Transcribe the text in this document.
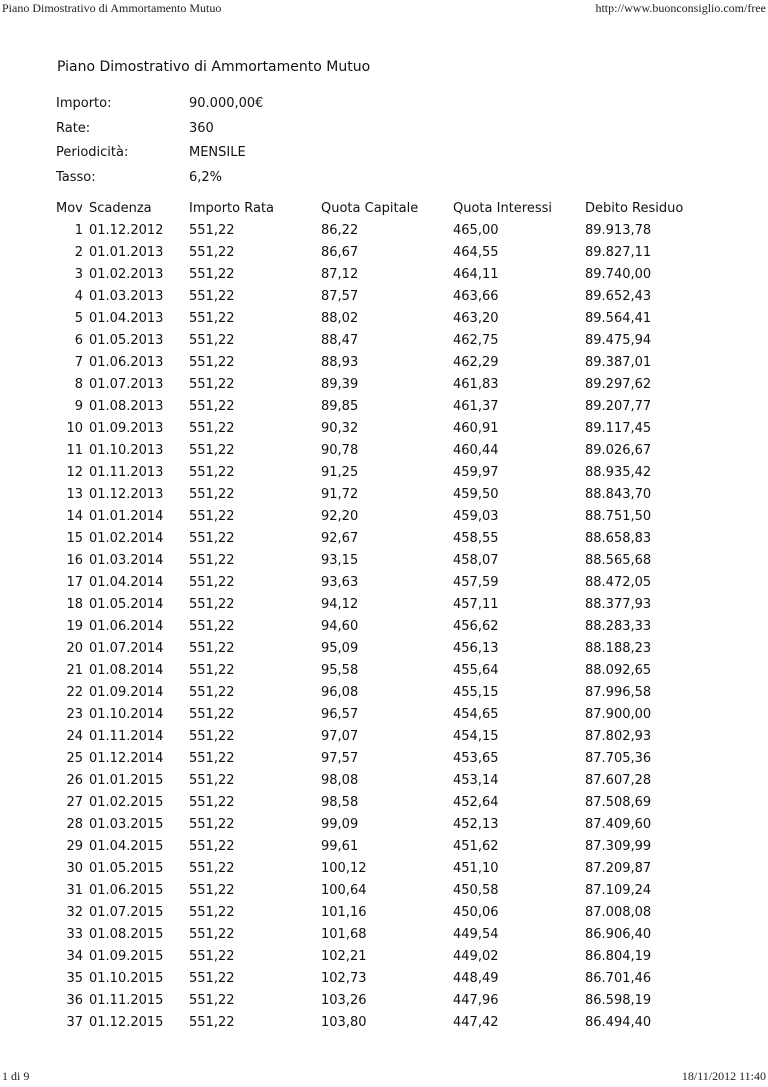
Piano Dimostrativo di Ammortamento Mutuo	http://www.buonconsiglio.com/free
Piano Dimostrativo di Ammortamento Mutuo
Importo:	90.000,00€
Rate:	360
Periodicità:	MENSILE
Tasso:	6,2%
Mov Scadenza	Importo Rata	Quota Capitale	Quota Interessi	Debito Residuo
1 01.12.2012 551,22	86,22	465,00	89.913,78
2 01.01.2013 551,22	86,67	464,55	89.827,11
3 01.02.2013 551,22	87,12	464,11	89.740,00
4 01.03.2013 551,22	87,57	463,66	89.652,43
5 01.04.2013 551,22	88,02	463,20	89.564,41
6 01.05.2013 551,22	88,47	462,75	89.475,94
7 01.06.2013 551,22	88,93	462,29	89.387,01
8 01.07.2013 551,22	89,39	461,83	89.297,62
9 01.08.2013 551,22	89,85	461,37	89.207,77
10 01.09.2013 551,22	90,32	460,91	89.117,45
11 01.10.2013 551,22	90,78	460,44	89.026,67
12 01.11.2013 551,22	91,25	459,97	88.935,42
13 01.12.2013 551,22	91,72	459,50	88.843,70
14 01.01.2014 551,22	92,20	459,03	88.751,50
15 01.02.2014 551,22	92,67	458,55	88.658,83
16 01.03.2014 551,22	93,15	458,07	88.565,68
17 01.04.2014 551,22	93,63	457,59	88.472,05
18 01.05.2014 551,22	94,12	457,11	88.377,93
19 01.06.2014 551,22	94,60	456,62	88.283,33
20 01.07.2014 551,22	95,09	456,13	88.188,23
21 01.08.2014 551,22	95,58	455,64	88.092,65
22 01.09.2014 551,22	96,08	455,15	87.996,58
23 01.10.2014 551,22	96,57	454,65	87.900,00
24 01.11.2014 551,22	97,07	454,15	87.802,93
25 01.12.2014 551,22	97,57	453,65	87.705,36
26 01.01.2015 551,22	98,08	453,14	87.607,28
27 01.02.2015 551,22	98,58	452,64	87.508,69
28 01.03.2015 551,22	99,09	452,13	87.409,60
29 01.04.2015 551,22	99,61	451,62	87.309,99
30 01.05.2015 551,22	100,12	451,10	87.209,87
31 01.06.2015 551,22	100,64	450,58	87.109,24
32 01.07.2015 551,22	101,16	450,06	87.008,08
33 01.08.2015 551,22	101,68	449,54	86.906,40
34 01.09.2015 551,22	102,21	449,02	86.804,19
35 01.10.2015 551,22	102,73	448,49	86.701,46
36 01.11.2015 551,22	103,26	447,96	86.598,19
37 01.12.2015 551,22	103,80	447,42	86.494,40
1 di 9	18/11/2012 11:40
